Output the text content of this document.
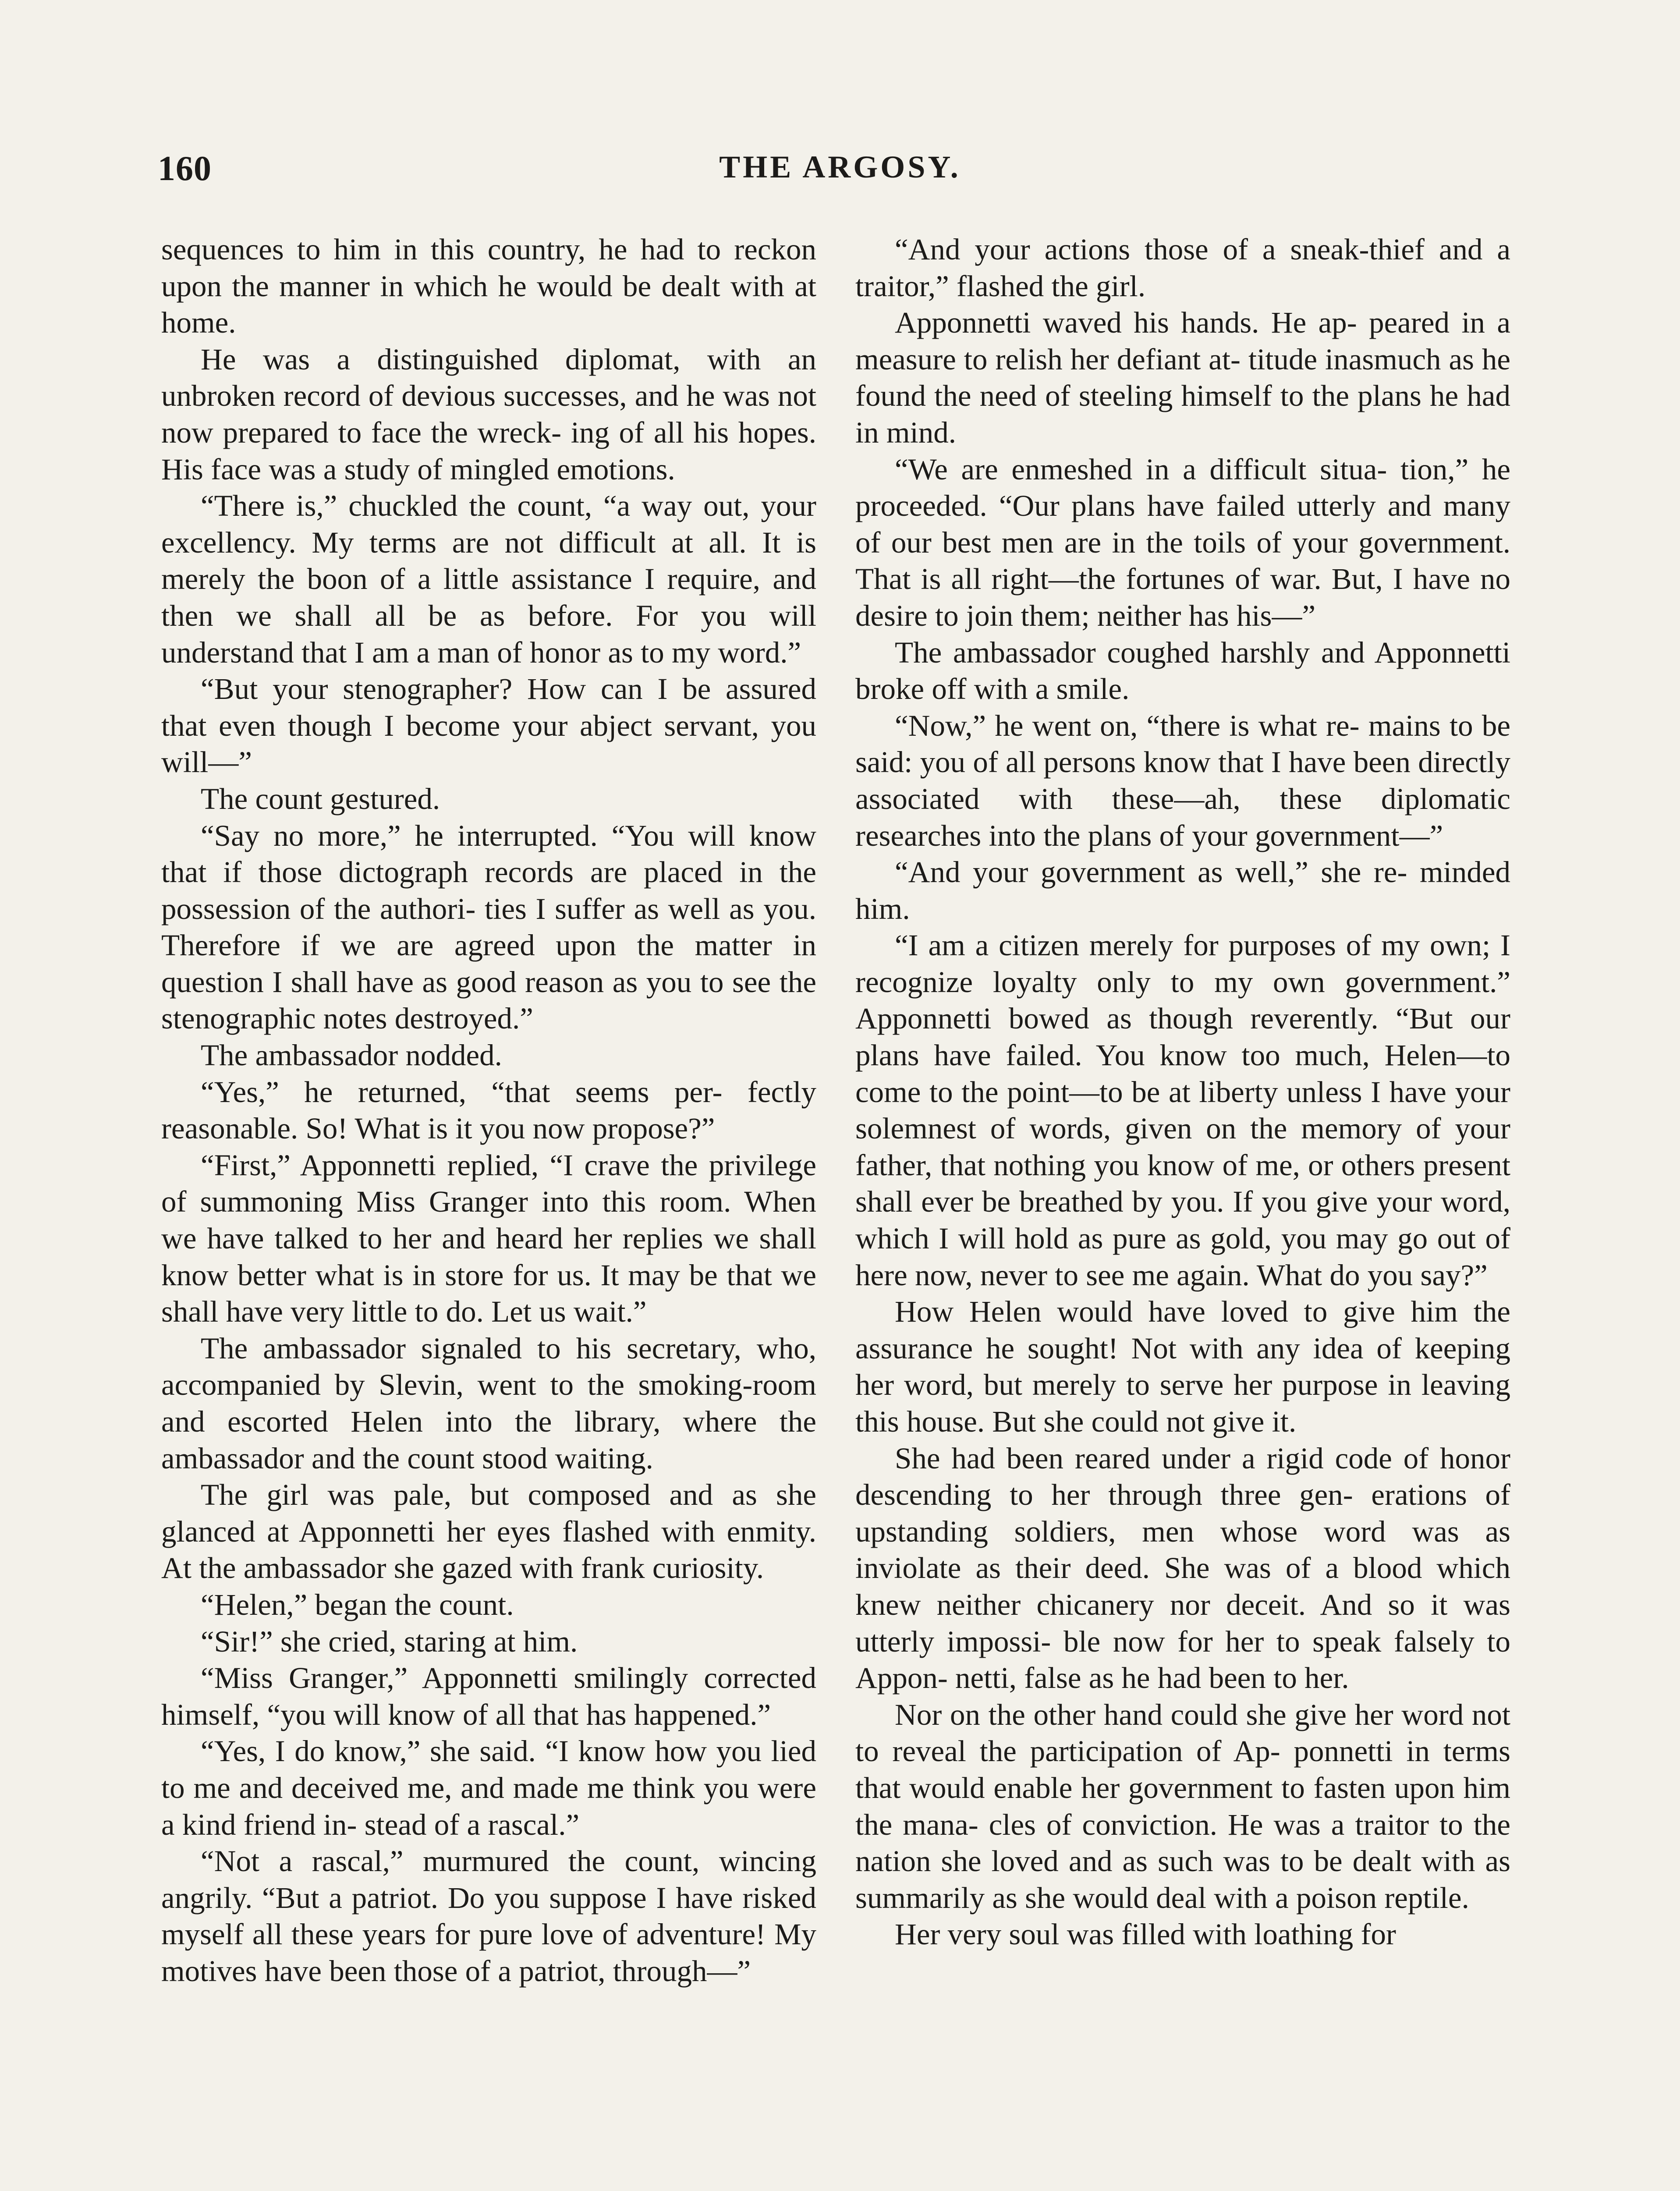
160	THE ARGOSY.

sequences to him in this country, he had to reckon upon the manner in which he would be dealt with at home.

He was a distinguished diplomat, with an unbroken record of devious successes, and he was not now prepared to face the wreck- ing of all his hopes. His face was a study of mingled emotions.

“There is,” chuckled the count, “a way out, your excellency. My terms are not difficult at all. It is merely the boon of a little assistance I require, and then we shall all be as before. For you will understand that I am a man of honor as to my word.”

“But your stenographer? How can I be assured that even though I become your abject servant, you will—”

The count gestured.

“Say no more,” he interrupted. “You will know that if those dictograph records are placed in the possession of the authori- ties I suffer as well as you. Therefore if we are agreed upon the matter in question I shall have as good reason as you to see the stenographic notes destroyed.”

The ambassador nodded.

“Yes,” he returned, “that seems per- fectly reasonable. So! What is it you now propose?”

“First,” Apponnetti replied, “I crave the privilege of summoning Miss Granger into this room. When we have talked to her and heard her replies we shall know better what is in store for us. It may be that we shall have very little to do. Let us wait.”

The ambassador signaled to his secretary, who, accompanied by Slevin, went to the smoking-room and escorted Helen into the library, where the ambassador and the count stood waiting.

The girl was pale, but composed and as she glanced at Apponnetti her eyes flashed with enmity. At the ambassador she gazed with frank curiosity.

“Helen,” began the count.

“Sir!” she cried, staring at him.

“Miss Granger,” Apponnetti smilingly corrected himself, “you will know of all that has happened.”

“Yes, I do know,” she said. “I know how you lied to me and deceived me, and made me think you were a kind friend in- stead of a rascal.”

“Not a rascal,” murmured the count, wincing angrily. “But a patriot. Do you suppose I have risked myself all these years for pure love of adventure! My motives have been those of a patriot, through—”

“And your actions those of a sneak-thief and a traitor,” flashed the girl.

Apponnetti waved his hands. He ap- peared in a measure to relish her defiant at- titude inasmuch as he found the need of steeling himself to the plans he had in mind.

“We are enmeshed in a difficult situa- tion,” he proceeded. “Our plans have failed utterly and many of our best men are in the toils of your government. That is all right—the fortunes of war. But, I have no desire to join them; neither has his—”

The ambassador coughed harshly and Apponnetti broke off with a smile.

“Now,” he went on, “there is what re- mains to be said: you of all persons know that I have been directly associated with these—ah, these diplomatic researches into the plans of your government—”

“And your government as well,” she re- minded him.

“I am a citizen merely for purposes of my own; I recognize loyalty only to my own government.” Apponnetti bowed as though reverently. “But our plans have failed. You know too much, Helen—to come to the point—to be at liberty unless I have your solemnest of words, given on the memory of your father, that nothing you know of me, or others present shall ever be breathed by you. If you give your word, which I will hold as pure as gold, you may go out of here now, never to see me again. What do you say?”

How Helen would have loved to give him the assurance he sought! Not with any idea of keeping her word, but merely to serve her purpose in leaving this house. But she could not give it.

She had been reared under a rigid code of honor descending to her through three gen- erations of upstanding soldiers, men whose word was as inviolate as their deed. She was of a blood which knew neither chicanery nor deceit. And so it was utterly impossi- ble now for her to speak falsely to Appon- netti, false as he had been to her.

Nor on the other hand could she give her word not to reveal the participation of Ap- ponnetti in terms that would enable her government to fasten upon him the mana- cles of conviction. He was a traitor to the nation she loved and as such was to be dealt with as summarily as she would deal with a poison reptile.

Her very soul was filled with loathing for
